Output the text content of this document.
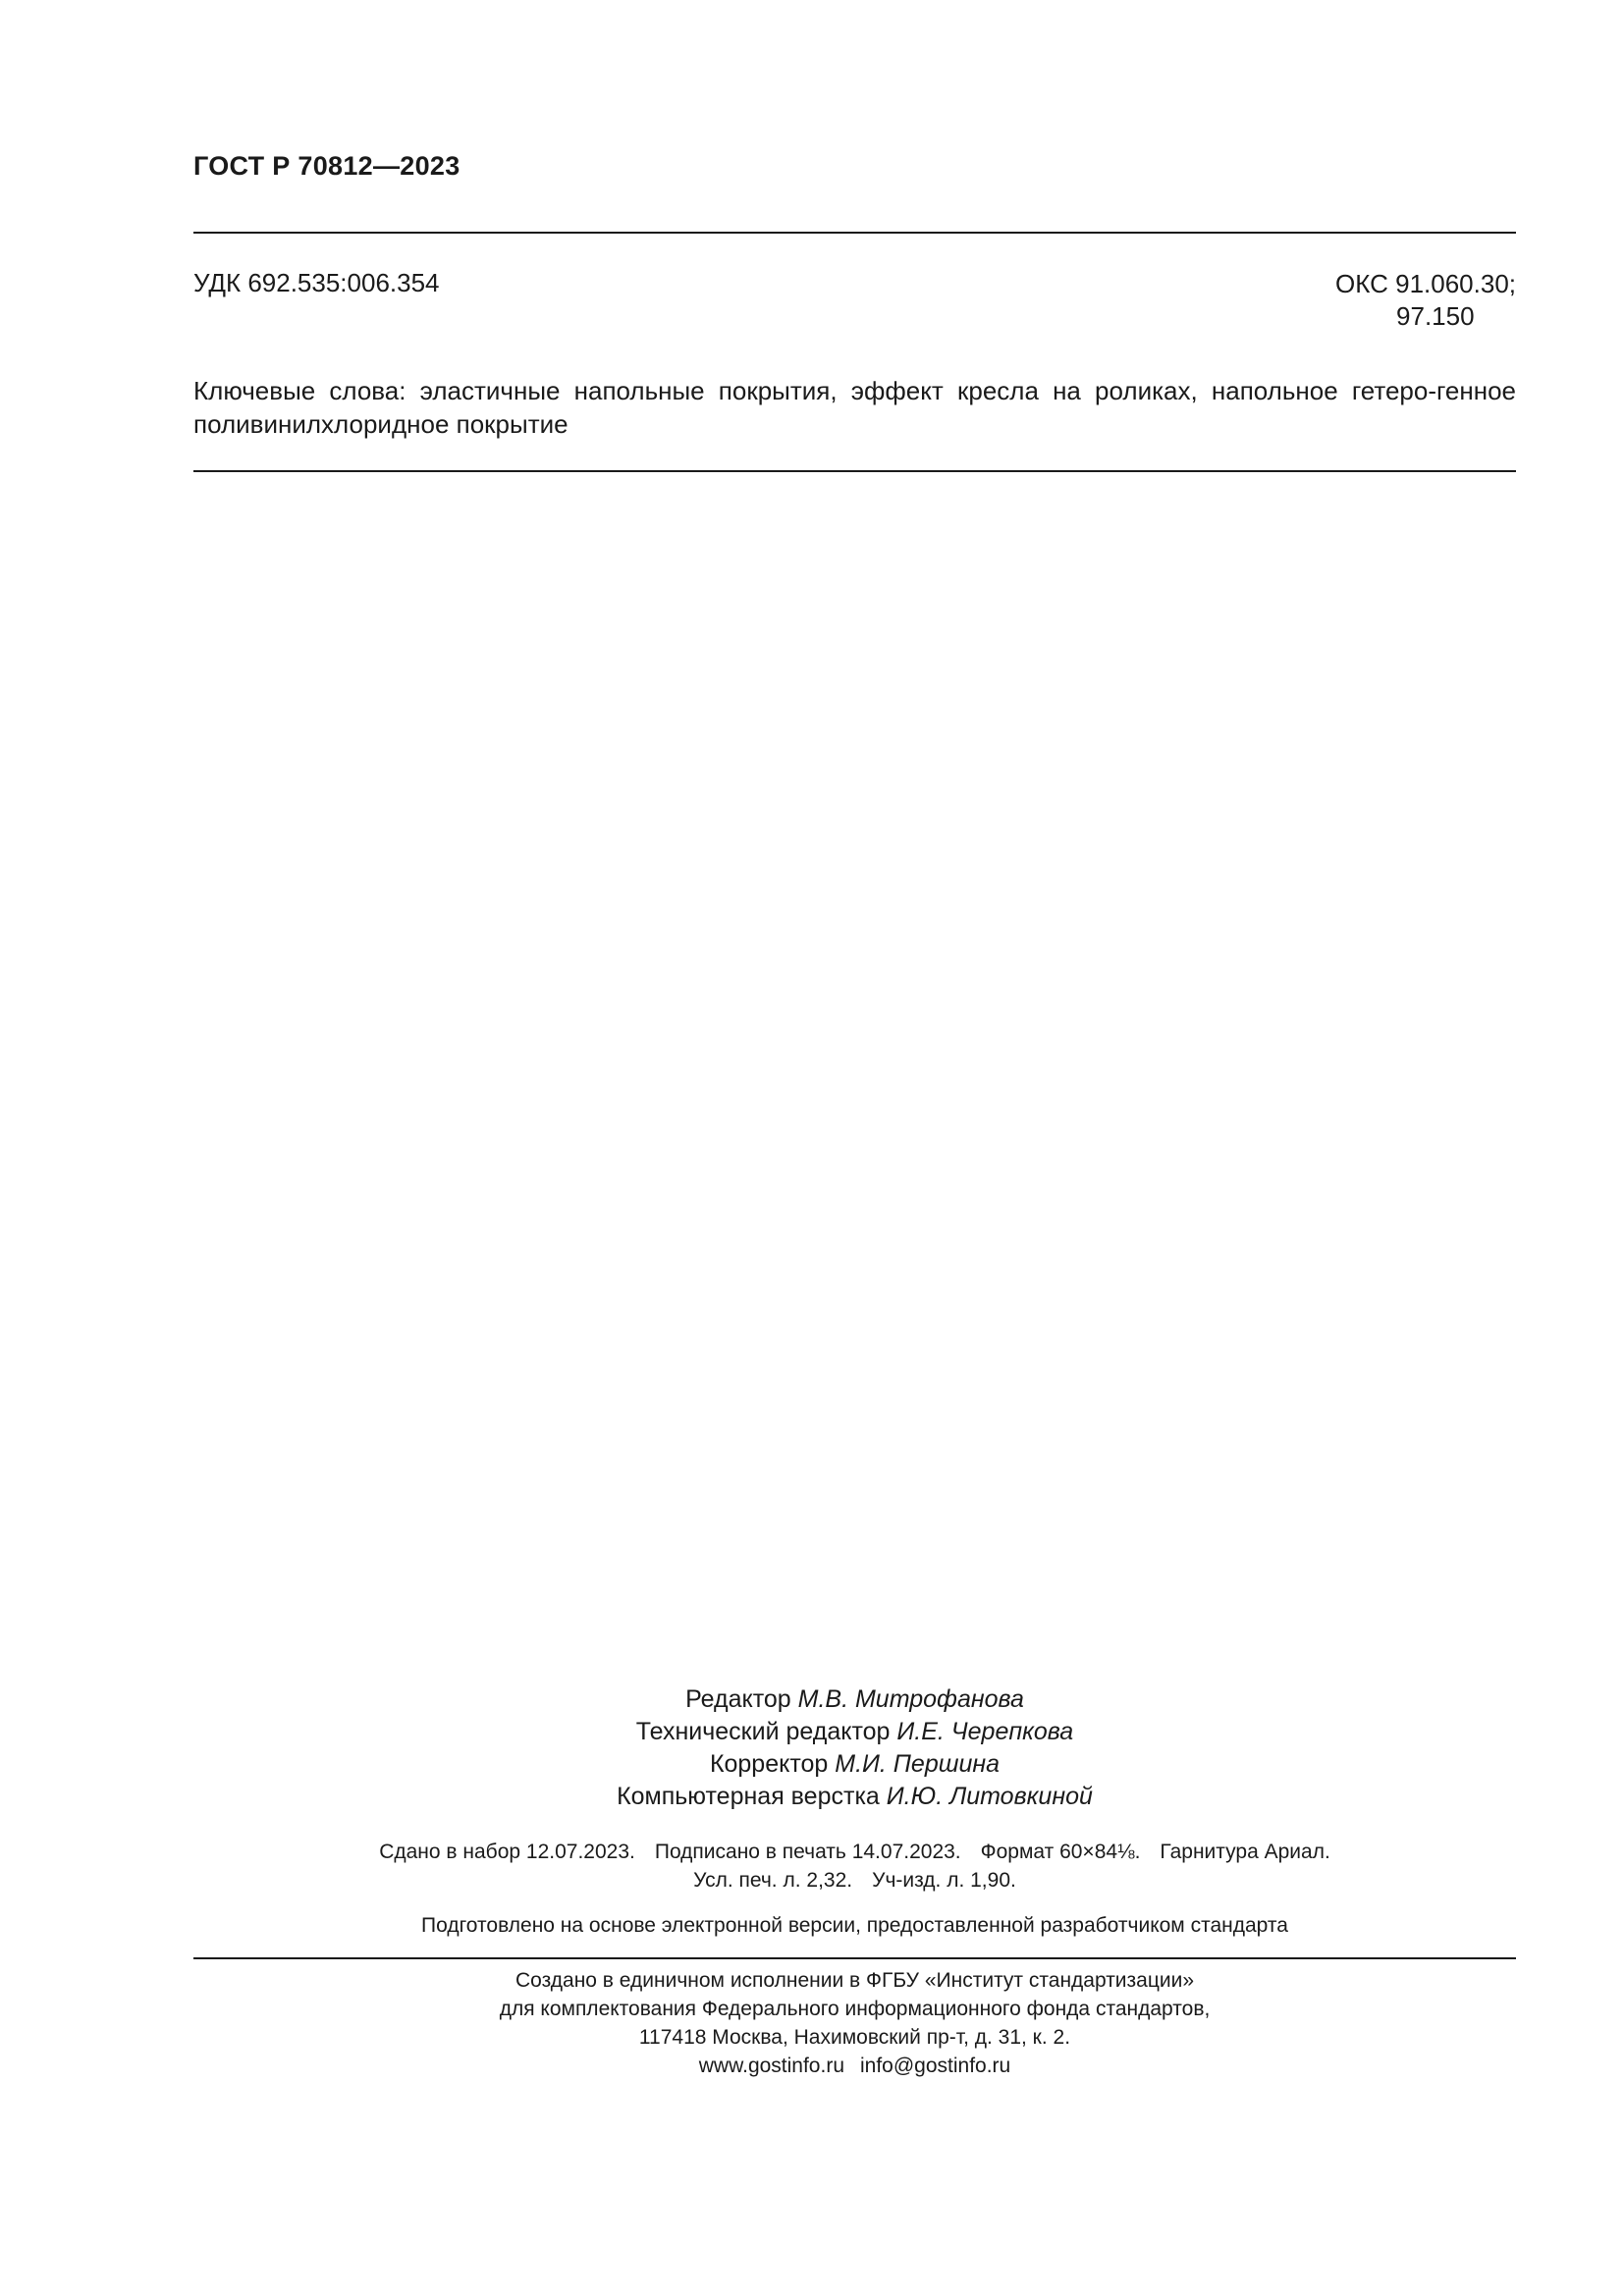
ГОСТ Р 70812—2023
УДК 692.535:006.354	ОКС 91.060.30;
97.150
Ключевые слова: эластичные напольные покрытия, эффект кресла на роликах, напольное гетеро-генное поливинилхлоридное покрытие
Редактор М.В. Митрофанова
Технический редактор И.Е. Черепкова
Корректор М.И. Першина
Компьютерная верстка И.Ю. Литовкиной
Сдано в набор 12.07.2023. Подписано в печать 14.07.2023. Формат 60×84⅛. Гарнитура Ариал.
Усл. печ. л. 2,32. Уч-изд. л. 1,90.
Подготовлено на основе электронной версии, предоставленной разработчиком стандарта
Создано в единичном исполнении в ФГБУ «Институт стандартизации»
для комплектования Федерального информационного фонда стандартов,
117418 Москва, Нахимовский пр-т, д. 31, к. 2.
www.gostinfo.ru info@gostinfo.ru
